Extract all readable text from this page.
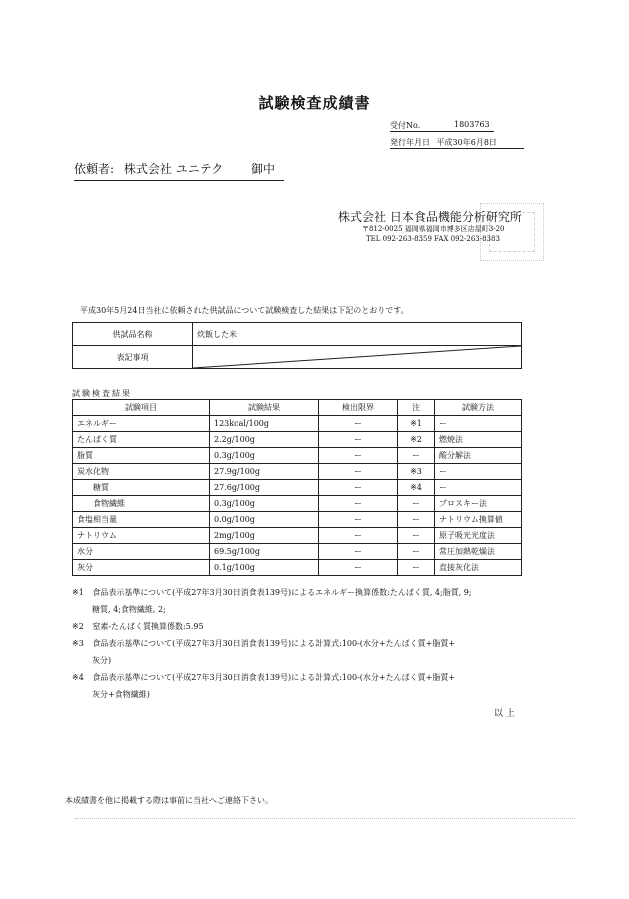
試験検査成績書
受付No.	1803763
発行年月日 平成30年6月8日
依頼者: 株式会社 ユニテク 御中
株式会社 日本食品機能分析研究所
〒812-0025 福岡県福岡市博多区店屋町3-20
TEL 092-263-8359 FAX 092-263-8383
平成30年5月24日当社に依頼された供試品について試験検査した結果は下記のとおりです。
供試品名称	炊飯した米
表記事項	
試験検査結果
試験項目	試験結果	検出限界	注	試験方法
エネルギー	123kcal/100g	ー	※1	ー
たんぱく質	2.2g/100g	ー	※2	燃焼法
脂質	0.3g/100g	ー	ー	酸分解法
炭水化物	27.9g/100g	ー	※3	ー
糖質	27.6g/100g	ー	※4	ー
食物繊維	0.3g/100g	ー	ー	プロスキー法
食塩相当量	0.0g/100g	ー	ー	ナトリウム換算値
ナトリウム	2mg/100g	ー	ー	原子吸光光度法
水分	69.5g/100g	ー	ー	常圧加熱乾燥法
灰分	0.1g/100g	ー	ー	直接灰化法

※1 食品表示基準について(平成27年3月30日消食表139号)によるエネルギー換算係数:たんぱく質, 4;脂質, 9;

糖質, 4;食物繊維, 2;

※2 窒素-たんぱく質換算係数:5.95

※3 食品表示基準について(平成27年3月30日消食表139号)による計算式:100-(水分+たんぱく質+脂質+

灰分)

※4 食品表示基準について(平成27年3月30日消食表139号)による計算式:100-(水分+たんぱく質+脂質+

灰分+食物繊維)

以 上
本成績書を他に掲載する際は事前に当社へご連絡下さい。
